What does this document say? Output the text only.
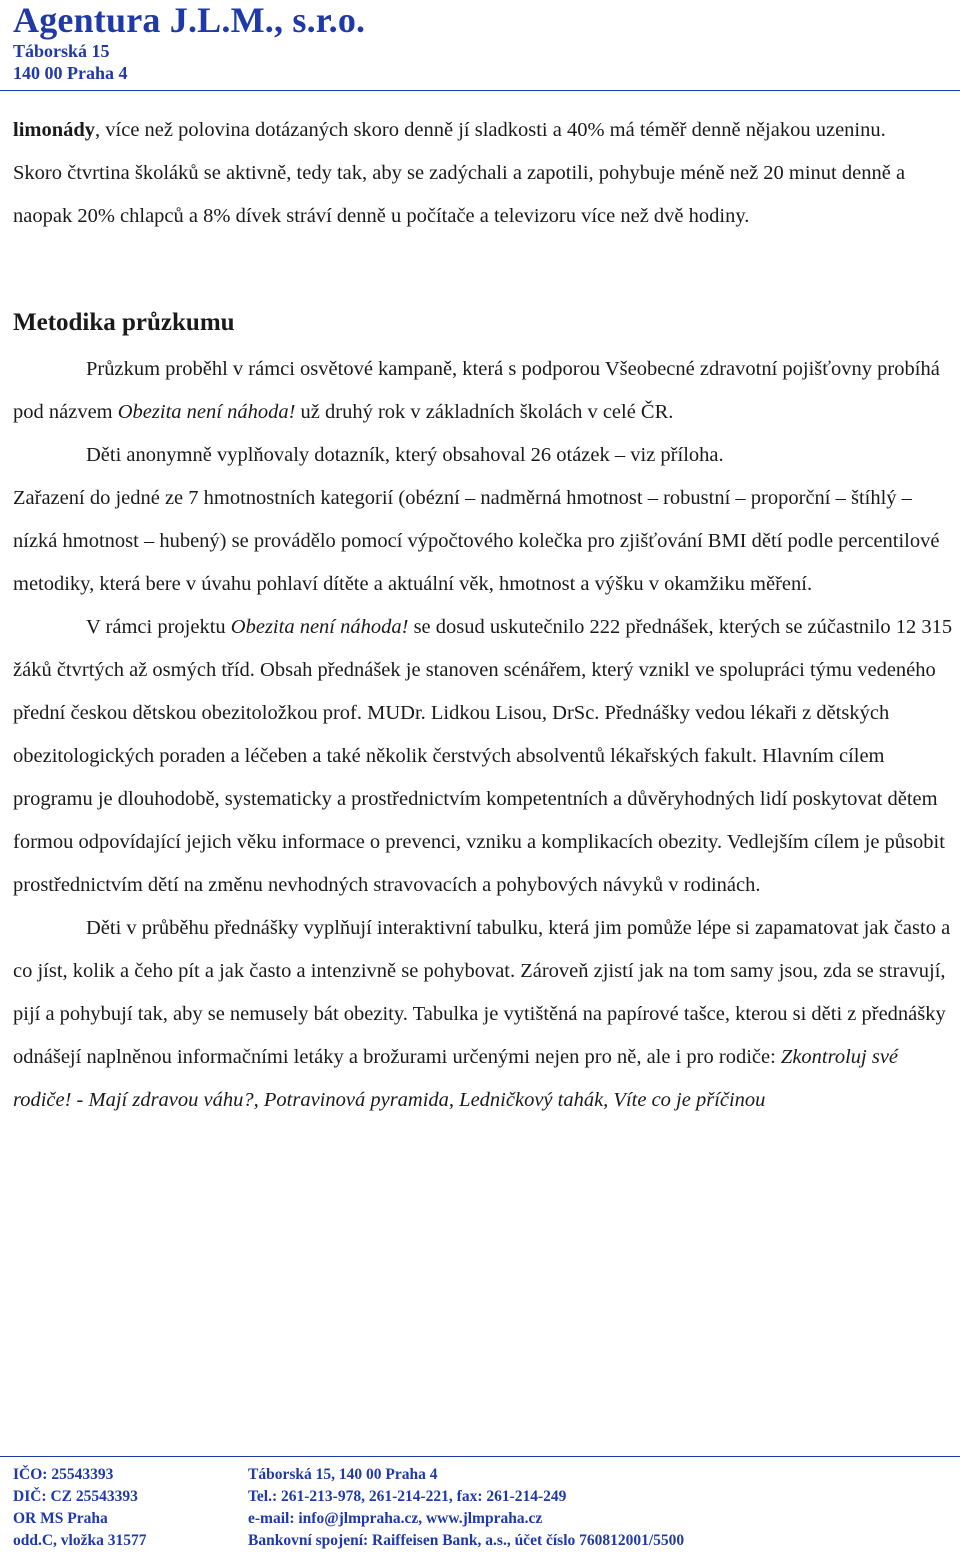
Agentura J.L.M., s.r.o.
Táborská 15
140 00 Praha 4

limonády, více než polovina dotázaných skoro denně jí sladkosti a 40% má téměř denně nějakou uzeninu.

Skoro čtvrtina školáků se aktivně, tedy tak, aby se zadýchali a zapotili, pohybuje méně než 20 minut denně a naopak 20% chlapců a 8% dívek stráví denně u počítače a televizoru více než dvě hodiny.

Metodika průzkumu

Průzkum proběhl v rámci osvětové kampaně, která s podporou Všeobecné zdravotní pojišťovny probíhá pod názvem Obezita není náhoda! už druhý rok v základních školách v celé ČR.

Děti anonymně vyplňovaly dotazník, který obsahoval 26 otázek – viz příloha.

Zařazení do jedné ze 7 hmotnostních kategorií (obézní – nadměrná hmotnost – robustní – proporční – štíhlý – nízká hmotnost – hubený) se provádělo pomocí výpočtového kolečka pro zjišťování BMI dětí podle percentilové metodiky, která bere v úvahu pohlaví dítěte a aktuální věk, hmotnost a výšku v okamžiku měření.

V rámci projektu Obezita není náhoda! se dosud uskutečnilo 222 přednášek, kterých se zúčastnilo 12 315 žáků čtvrtých až osmých tříd. Obsah přednášek je stanoven scénářem, který vznikl ve spolupráci týmu vedeného přední českou dětskou obezitoložkou prof. MUDr. Lidkou Lisou, DrSc. Přednášky vedou lékaři z dětských obezitologických poraden a léčeben a také několik čerstvých absolventů lékařských fakult. Hlavním cílem programu je dlouhodobě, systematicky a prostřednictvím kompetentních a důvěryhodných lidí poskytovat dětem formou odpovídající jejich věku informace o prevenci, vzniku a komplikacích obezity. Vedlejším cílem je působit prostřednictvím dětí na změnu nevhodných stravovacích a pohybových návyků v rodinách.

Děti v průběhu přednášky vyplňují interaktivní tabulku, která jim pomůže lépe si zapamatovat jak často a co jíst, kolik a čeho pít a jak často a intenzivně se pohybovat. Zároveň zjistí jak na tom samy jsou, zda se stravují, pijí a pohybují tak, aby se nemusely bát obezity. Tabulka je vytištěná na papírové tašce, kterou si děti z přednášky odnášejí naplněnou informačními letáky a brožurami určenými nejen pro ně, ale i pro rodiče: Zkontroluj své rodiče! - Mají zdravou váhu?, Potravinová pyramida, Ledničkový tahák, Víte co je příčinou

IČO: 25543393	Táborská 15, 140 00 Praha 4
DIČ: CZ 25543393	Tel.: 261-213-978, 261-214-221, fax: 261-214-249
OR MS Praha	e-mail: info@jlmpraha.cz, www.jlmpraha.cz
odd.C, vložka 31577	Bankovní spojení: Raiffeisen Bank, a.s., účet číslo 760812001/5500
